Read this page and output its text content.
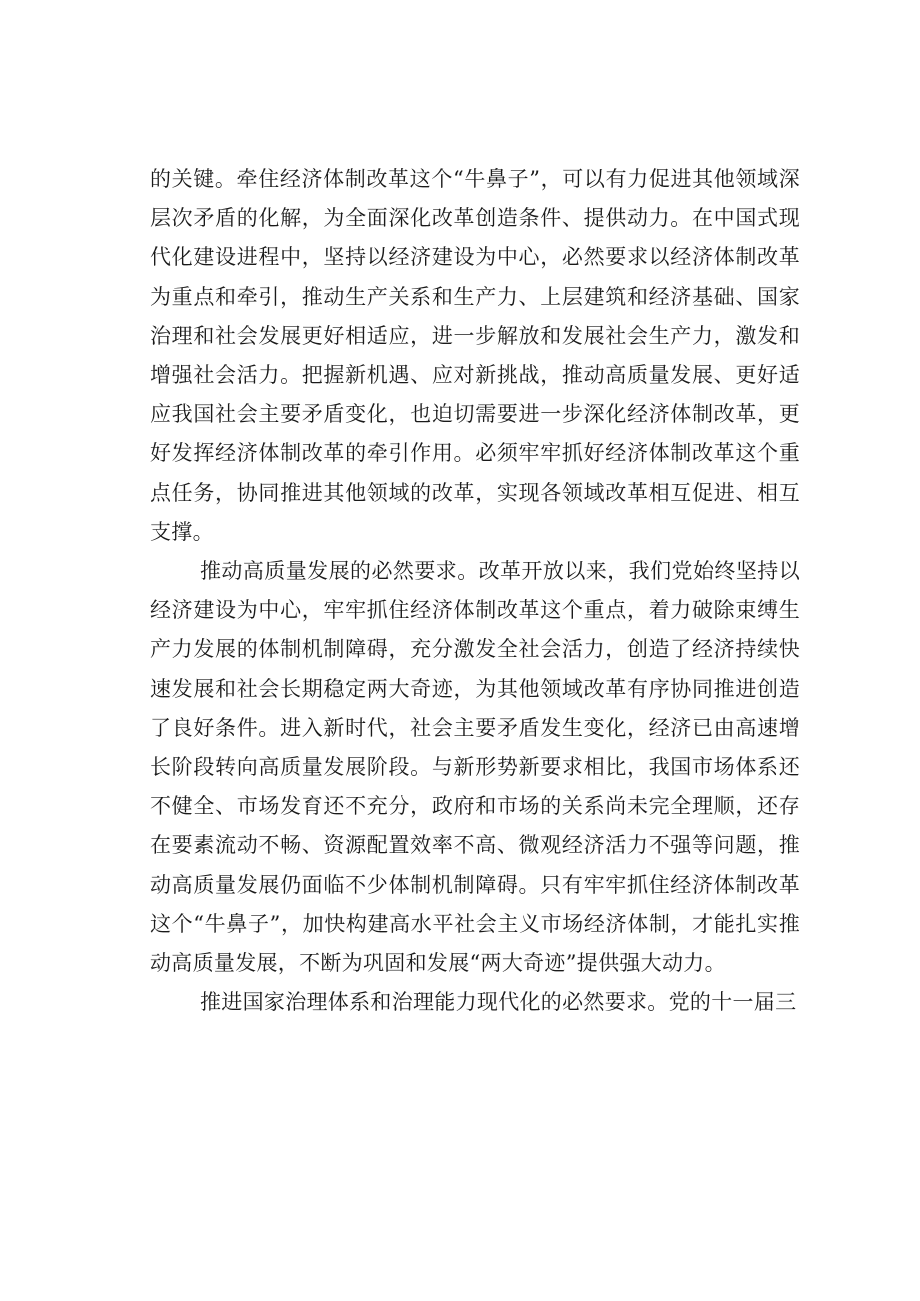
的关键。牵住经济体制改革这个“牛鼻子”，可以有力促进其他领域深层次矛盾的化解，为全面深化改革创造条件、提供动力。在中国式现代化建设进程中，坚持以经济建设为中心，必然要求以经济体制改革为重点和牵引，推动生产关系和生产力、上层建筑和经济基础、国家治理和社会发展更好相适应，进一步解放和发展社会生产力，激发和增强社会活力。把握新机遇、应对新挑战，推动高质量发展、更好适应我国社会主要矛盾变化，也迫切需要进一步深化经济体制改革，更好发挥经济体制改革的牵引作用。必须牢牢抓好经济体制改革这个重点任务，协同推进其他领域的改革，实现各领域改革相互促进、相互支撑。

推动高质量发展的必然要求。改革开放以来，我们党始终坚持以经济建设为中心，牢牢抓住经济体制改革这个重点，着力破除束缚生产力发展的体制机制障碍，充分激发全社会活力，创造了经济持续快速发展和社会长期稳定两大奇迹，为其他领域改革有序协同推进创造了良好条件。进入新时代，社会主要矛盾发生变化，经济已由高速增长阶段转向高质量发展阶段。与新形势新要求相比，我国市场体系还不健全、市场发育还不充分，政府和市场的关系尚未完全理顺，还存在要素流动不畅、资源配置效率不高、微观经济活力不强等问题，推动高质量发展仍面临不少体制机制障碍。只有牢牢抓住经济体制改革这个“牛鼻子”，加快构建高水平社会主义市场经济体制，才能扎实推动高质量发展，不断为巩固和发展“两大奇迹”提供强大动力。

推进国家治理体系和治理能力现代化的必然要求。党的十一届三
